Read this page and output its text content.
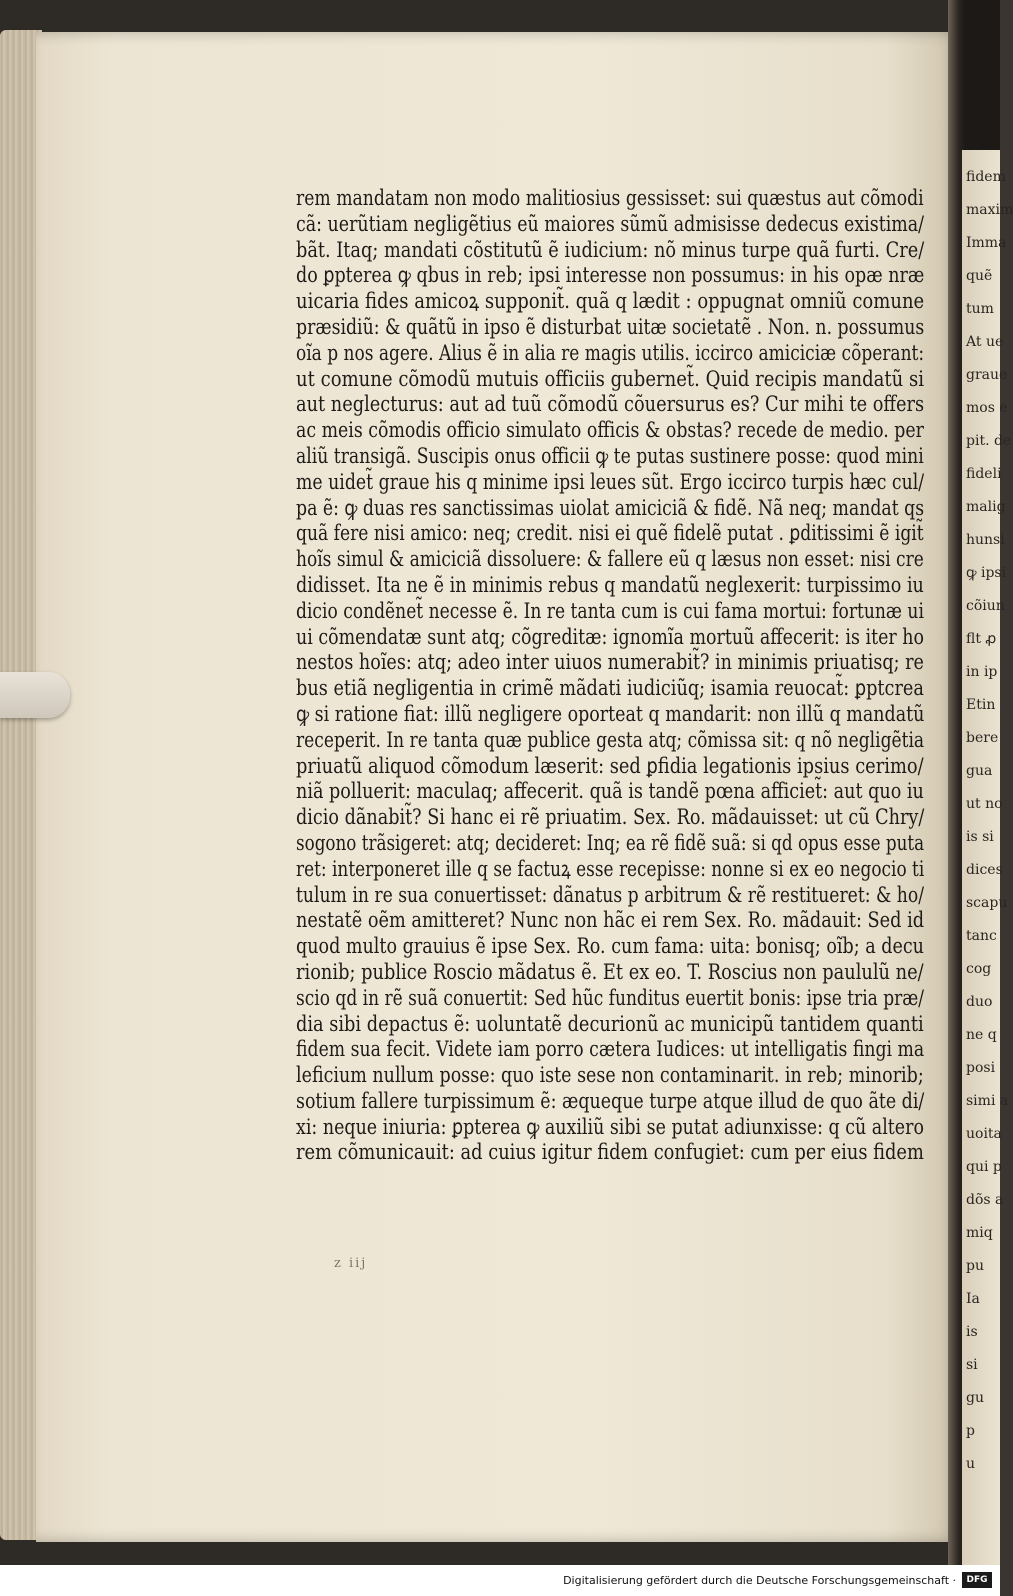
rem mandatam non modo malitiosius gessisset: sui quæstus aut cõmodi
cã: uerũtiam negligẽtius eũ maiores sũmũ admisisse dedecus existima/
bãt. Itaq; mandati cõstitutũ ẽ iudicium: nõ minus turpe quã furti. Cre/
do ꝑpterea ꝙ qbus in reb; ipsi interesse non possumus: in his opæ nræ
uicaria fides amicoꝝ supponit̃. quã q lædit : oppugnat omniũ comune
præsidiũ: & quãtũ in ipso ẽ disturbat uitæ societatẽ . Non. n. possumus
oĩa p nos agere. Alius ẽ in alia re magis utilis. iccirco amiciciæ cõperant:
ut comune cõmodũ mutuis officiis gubernet̃. Quid recipis mandatũ si
aut neglecturus: aut ad tuũ cõmodũ cõuersurus es? Cur mihi te offers
ac meis cõmodis officio simulato officis & obstas? recede de medio. per
aliũ transigã. Suscipis onus officii ꝙ te putas sustinere posse: quod mini
me uidet̃ graue his q minime ipsi leues sũt. Ergo iccirco turpis hæc cul/
pa ẽ: ꝙ duas res sanctissimas uiolat amiciciã & fidẽ. Nã neq; mandat qs
quã fere nisi amico: neq; credit. nisi ei quẽ fidelẽ putat . ꝑditissimi ẽ igit̃
hoĩs simul & amiciciã dissoluere: & fallere eũ q læsus non esset: nisi cre
didisset. Ita ne ẽ in minimis rebus q mandatũ neglexerit: turpissimo iu
dicio condẽnet̃ necesse ẽ. In re tanta cum is cui fama mortui: fortunæ ui
ui cõmendatæ sunt atq; cõgreditæ: ignomĩa mortuũ affecerit: is iter ho
nestos hoĩes: atq; adeo inter uiuos numerabit̃? in minimis priuatisq; re
bus etiã negligentia in crimẽ mãdati iudiciũq; isamia reuocat̃: ꝑptcrea
ꝙ si ratione fiat: illũ negligere oporteat q mandarit: non illũ q mandatũ
receperit. In re tanta quæ publice gesta atq; cõmissa sit: q nõ negligẽtia
priuatũ aliquod cõmodum læserit: sed ꝑfidia legationis ipsius cerimo/
niã polluerit: maculaq; affecerit. quã is tandẽ pœna afficiet̃: aut quo iu
dicio dãnabit̃? Si hanc ei rẽ priuatim. Sex. Ro. mãdauisset: ut cũ Chry/
sogono trãsigeret: atq; decideret: Inq; ea rẽ fidẽ suã: si qd opus esse puta
ret: interponeret ille q se factuꝝ esse recepisse: nonne si ex eo negocio ti
tulum in re sua conuertisset: dãnatus p arbitrum & rẽ restitueret: & ho/
nestatẽ oẽm amitteret? Nunc non hãc ei rem Sex. Ro. mãdauit: Sed id
quod multo grauius ẽ ipse Sex. Ro. cum fama: uita: bonisq; oĩb; a decu
rionib; publice Roscio mãdatus ẽ. Et ex eo. T. Roscius non paululũ ne/
scio qd in rẽ suã conuertit: Sed hũc funditus euertit bonis: ipse tria præ/
dia sibi depactus ẽ: uoluntatẽ decurionũ ac municipũ tantidem quanti
fidem sua fecit. Videte iam porro cætera Iudices: ut intelligatis fingi ma
leficium nullum posse: quo iste sese non contaminarit. in reb; minorib;
sotium fallere turpissimum ẽ: æqueque turpe atque illud de quo ãte di/
xi: neque iniuria: ꝑpterea ꝙ auxiliũ sibi se putat adiunxisse: q cũ altero
rem cõmunicauit: ad cuius igitur fidem confugiet: cum per eius fidem
z iij
fidem
maxim
Imma
quẽ
tum
At ue
graue
mos e
pit. de
fideli
malig
hunsi
ꝙ ipsi
cõiun
flt ꝓ
in ip
Etin
bere
gua
ut no
is si
dices
scapu
tanc
cog
duo
ne q
posi
simi a
uoita
qui p
dõs a
miq
pu
Ia
is
si
gu
p
u
Digitalisierung gefördert durch die Deutsche Forschungsgemeinschaft ·	DFG
